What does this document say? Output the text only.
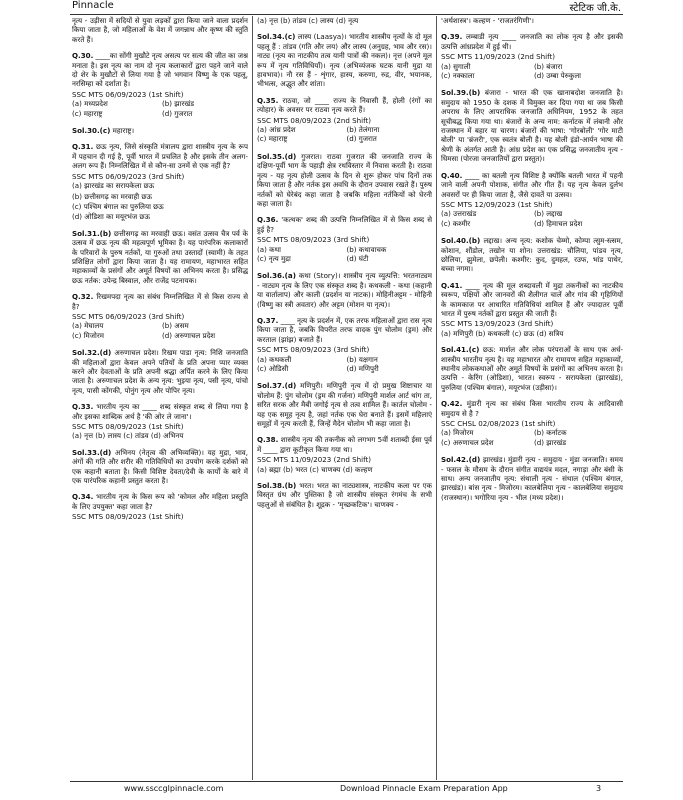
Pinnacle	स्टेटिक जी.के.

नृत्य - उड़ीसा में सदियों से युवा लड़कों द्वारा किया जाने वाला प्रदर्शन किया जाता है, जो महिलाओं के वेश में जगन्नाथ और कृष्ण की स्तुति करते हैं।

Q.30. ____का सोंगी मुखौटे नृत्य असत्य पर सत्य की जीत का जश्न मनाता है। इस नृत्य का नाम दो नृत्य कलाकारों द्वारा पहने जाने वाले दो शेर के मुखौटों से लिया गया है जो भगवान विष्णु के एक पहलू, नरसिम्हा को दर्शाता है।

SSC MTS 06/09/2023 (1st Shift)

(a) मध्यप्रदेश	(b) झारखंड
(c) महाराष्ट्र	(d) गुजरात

Sol.30.(c) महाराष्ट्र।

Q.31. छऊ नृत्य, जिसे संस्कृति मंत्रालय द्वारा शास्त्रीय नृत्य के रूप में पहचान दी गई है, पूर्वी भारत में प्रचलित है और इसके तीन अलग-अलग रूप हैं। निम्नलिखित में से कौन-सा उनमें से एक नहीं है?

SSC MTS 06/09/2023 (3rd Shift)

(a) झारखंड का सरायकेला छऊ

(b) छत्तीसगढ़ का मरवाही छऊ

(c) पश्चिम बंगाल का पुरुलिया छऊ

(d) ओडिशा का मयूरभंज छऊ

Sol.31.(b) छत्तीसगढ़ का मरवाही छऊ। वसंत उत्सव चैत्र पर्व के उत्सव में छऊ नृत्य की महत्वपूर्ण भूमिका है। यह पारंपरिक कलाकारों के परिवारों के पुरुष नर्तकों, या गुरुओं तथा उस्तादों (स्वामी) के तहत प्रशिक्षित लोगों द्वारा किया जाता है। यह रामायण, महाभारत सहित महाकाव्यों के प्रसंगों और अमूर्त विषयों का अभिनय करता है। प्रसिद्ध छऊ नर्तक: उपेन्द्र बिस्वाल, और राजेंद्र पटनायक।

Q.32. रिखमपदा नृत्य का संबंध निम्नलिखित में से किस राज्य से है?

SSC MTS 06/09/2023 (3rd Shift)

(a) मेघालय	(b) असम
(c) मिजोरम	(d) अरुणाचल प्रदेश

Sol.32.(d) अरुणाचल प्रदेश। रिखम पाडा नृत्य: निशि जनजाति की महिलाओं द्वारा केवल अपने पतियों के प्रति अपना प्यार व्यक्त करने और देवताओं के प्रति अपनी श्रद्धा अर्पित करने के लिए किया जाता है। अरुणाचल प्रदेश के अन्य नृत्य: भुइया नृत्य, पसी नृत्य, पांचो नृत्य, पासी कोंगकी, पोनुंग नृत्य और पोपिर नृत्य।

Q.33. भारतीय नृत्य का ____ शब्द संस्कृत शब्द से लिया गया है और इसका शाब्दिक अर्थ है 'की ओर ले जाना'।

SSC MTS 08/09/2023 (1st Shift)

(a) नृत्त (b) लास्य (c) तांडव (d) अभिनय

Sol.33.(d) अभिनय (नेतृत्व की अभिव्यक्ति)। यह मुद्रा, भाव, अंगों की गति और शरीर की गतिविधियों का उपयोग करके दर्शकों को एक कहानी बताता है। किसी विशिष्ट देवता/देवी के कार्यों के बारे में एक पारंपरिक कहानी प्रस्तुत करता है।

Q.34. भारतीय नृत्य के किस रूप को 'कोमल और महिला प्रस्तुति के लिए उपयुक्त' कहा जाता है?

SSC MTS 08/09/2023 (1st Shift)

(a) नृत्त (b) तांडव (c) लास्य (d) नृत्य

Sol.34.(c) लास्य (Laasya)। भारतीय शास्त्रीय नृत्यों के दो मूल पहलू हैं : तांडव (गति और लय) और लास्य (अनुग्रह, भाव और रस)। नाट्य (नृत्य का नाटकीय तत्व यानी पात्रों की नकल)। नृत्त (अपने मूल रूप में नृत्य गतिविधियाँ)। नृत्य (अभिव्यंजक घटक यानी मुद्रा या हावभाव)। नौ रस हैं - शृंगार, हास्य, करुणा, रुद्र, वीर, भयानक, भीभत्स, अद्भुत और शांता।

Q.35. राठवा, जो ____ राज्य के निवासी हैं, होली (रंगों का त्योहार) के अवसर पर राठवा नृत्य करते हैं।

SSC MTS 08/09/2023 (2nd Shift)

(a) आंध्र प्रदेश	(b) तेलंगाना
(c) महाराष्ट्र	(d) गुजरात

Sol.35.(d) गुजरात। राठवा गुजरात की जनजाति राज्य के दक्षिण-पूर्वी भाग के पहाड़ी क्षेत्र रथविस्तार में निवास करती है। राठवा नृत्य - यह नृत्य होली उत्सव के दिन से शुरू होकर पांच दिनों तक किया जाता है और नर्तक इस अवधि के दौरान उपवास रखते हैं। पुरुष नर्तकों को घेरेबंद कहा जाता है जबकि महिला नर्तकियों को घेरनी कहा जाता है।

Q.36. 'कत्थक' शब्द की उत्पत्ति निम्नलिखित में से किस शब्द से हुई है?

SSC MTS 08/09/2023 (3rd Shift)

(a) कथा	(b) कथावाचक
(c) नृत्य मुद्रा	(d) घंटी

Sol.36.(a) कथा (Story)। शास्त्रीय नृत्य व्युत्पत्ति: भरतनाट्यम - नाट्यम नृत्य के लिए एक संस्कृत शब्द है। कथकली - कथा (कहानी या वार्तालाप) और काली (प्रदर्शन या नाटक)। मोहिनीअट्टम - मोहिनी (विष्णु का स्त्री अवतार) और अट्टम (मोशन या नृत्य)।

Q.37. ____ नृत्य के प्रदर्शन में, एक तरफ महिलाओं द्वारा रास नृत्य किया जाता है, जबकि विपरीत तरफ वादक पुंग चोलोम (ड्रम) और करताल (झांझ) बजाते हैं।

SSC MTS 08/09/2023 (3rd Shift)

(a) कथकली	(b) यक्षगान
(c) ओडिसी	(d) मणिपुरी

Sol.37.(d) मणिपुरी। मणिपुरी नृत्य में दो प्रमुख शिष्टाचार या चोलोम हैं: पुंग चोलोम (ड्रम की गर्जना) मणिपुरी मार्शल आर्ट थांग ता, सरित सरक और मैबी जगोई नृत्य से तत्व शामिल हैं। कार्तल चोलोम - यह एक समूह नृत्य है, जहां नर्तक एक घेरा बनाते हैं। इसमें महिलाएं समूहों में नृत्य करती हैं, जिन्हें मैदेन चोलोम भी कहा जाता है।

Q.38. शास्त्रीय नृत्य की तकनीक को लगभग 5वीं शताब्दी ईसा पूर्व में ____ द्वारा कूटीकृत किया गया था।

SSC MTS 11/09/2023 (2nd Shift)

(a) ब्रह्मा (b) भरत (c) चाणक्य (d) कल्हण

Sol.38.(b) भरत। भरत का नाट्यशास्त्र, नाटकीय कला पर एक विस्तृत ग्रंथ और पुस्तिका है जो शास्त्रीय संस्कृत रंगमंच के सभी पहलुओं से संबंधित है। शूद्रक - 'मृच्छकटिक'। चाणक्य -

'अर्थशास्त्र'। कल्हण - 'राजतरंगिणी'।

Q.39. लम्बाडी नृत्य ____ जनजाति का लोक नृत्य है और इसकी उत्पत्ति आंध्रप्रदेश में हुई थी।

SSC MTS 11/09/2023 (2nd Shift)

(a) सुगाली	(b) बंजारा
(c) नक्काला	(d) उम्बा पेरुकुला

Sol.39.(b) बंजारा - भारत की एक खानाबदोश जनजाति है। समुदाय को 1950 के दशक में विमुक्त कर दिया गया था जब किसी अपराध के लिए आपराधिक जनजाति अधिनियम, 1952 के तहत सूचीबद्ध किया गया था। बंजारों के अन्य नाम: कर्नाटक में लंबानी और राजस्थान में बहार या चारण। बंजारों की भाषा: 'गोरबोली' 'गोर माटी बोली' या 'ब्रंजरी', एक स्वतंत्र बोली है। यह बोली इंडो-आर्यन भाषा की श्रेणी के अंतर्गत आती है। आंध्र प्रदेश का एक प्रसिद्ध जनजातीय नृत्य - धिमसा (पोरजा जनजातियों द्वारा प्रस्तुत)।

Q.40. ____ का बतली नृत्य विशिष्ट है क्योंकि बतली भारत में पहनी जाने वाली अपनी पोशाक, संगीत और गीत हैं। यह नृत्य केवल दुर्लभ अवसरों पर ही किया जाता है, जैसे दावतें या उत्सव।

SSC MTS 12/09/2023 (1st Shift)

(a) उत्तराखंड	(b) लद्दाख
(c) कश्मीर	(d) हिमाचल प्रदेश

Sol.40.(b) लद्दाख। अन्य नृत्य: कशोक चेम्मो, कोम्पा त्सुम-स्त्सम, कोशान, शौंडोल, तखोन या शोन। उत्तराखंड: चौलिया, पांडव नृत्य, छोलिया, झुमेला, छपेली। कश्मीर: कुद, दुमहल, रउफ, भांड पाथेर, बच्चा नगमा।

Q.41. ____ नृत्य की मूल शब्दावली में मुद्रा तकनीकों का नाटकीय स्वरूप, पक्षियों और जानवरों की शैलीगत चालें और गांव की गृहिणियों के कामकाज पर आधारित गतिविधियां शामिल हैं और ज्यादातर पूर्वी भारत में पुरुष नर्तकों द्वारा प्रस्तुत की जाती हैं।

SSC MTS 13/09/2023 (3rd Shift)

(a) मणिपुरी (b) कथकली (c) छऊ (d) सत्रिय

Sol.41.(c) छऊ: मार्शल और लोक परंपराओं के साथ एक अर्ध-शास्त्रीय भारतीय नृत्य है। यह महाभारत और रामायण सहित महाकाव्यों, स्थानीय लोककथाओं और अमूर्त विषयों के प्रसंगों का अभिनय करता है। उत्पत्ति - केरिंग (ओडिशा), भारत। स्वरूप - सरायकेला (झारखंड), पुरुलिया (पश्चिम बंगाल), मयूरभंज (उड़ीसा)।

Q.42. मुंडारी नृत्य का संबंध किस भारतीय राज्य के आदिवासी समुदाय से है ?

SSC CHSL 02/08/2023 (1st shift)

(a) मिजोरम	(b) कर्नाटक
(c) अरुणाचल प्रदेश	(d) झारखंड

Sol.42.(d) झारखंड। मुंडारी नृत्य - समुदाय - मुंडा जनजाति। समय - फसल के मौसम के दौरान संगीत वाद्ययंत्र मदल, नगाड़ा और बंसी के साथ। अन्य जनजातीय नृत्य: संथाली नृत्य - संथाल (पश्चिम बंगाल, झारखंड)। बांस नृत्य - मिजोरम। कालबेलिया नृत्य - कालबेलिया समुदाय (राजस्थान)। भगोरिया नृत्य - भील (मध्य प्रदेश)।

www.ssccglpinnacle.com	Download Pinnacle Exam Preparation App	3
